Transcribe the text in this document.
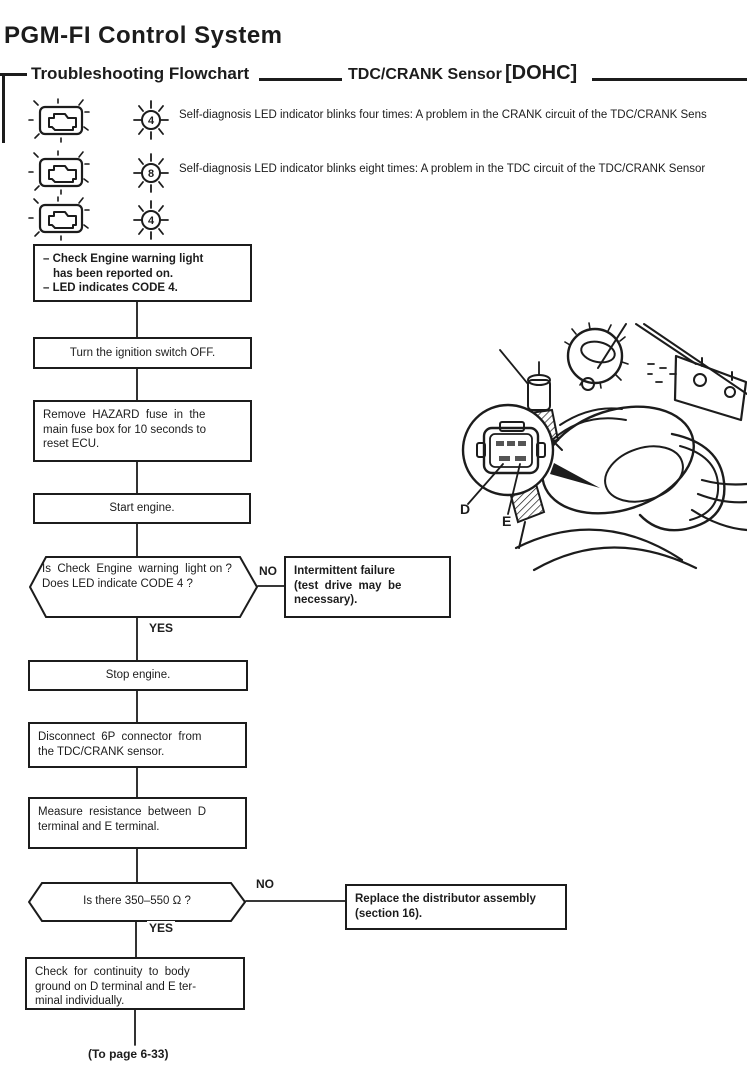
PGM-FI Control System
Troubleshooting Flowchart	TDC/CRANK Sensor [DOHC]
4 Self-diagnosis LED indicator blinks four times: A problem in the CRANK circuit of the TDC/CRANK Sens
8 Self-diagnosis LED indicator blinks eight times: A problem in the TDC circuit of the TDC/CRANK Sensor
4
– Check Engine warning light
has been reported on.
– LED indicates CODE 4.
Turn the ignition switch OFF.
Remove  HAZARD  fuse  in  the
main fuse box for 10 seconds to
reset ECU.
Start engine.
Is  Check  Engine  warning  light on ? Does LED indicate CODE 4 ?
NO Intermittent failure
(test  drive  may  be
necessary).
YES
Stop engine.
Disconnect  6P  connector  from
the TDC/CRANK sensor.
Measure  resistance  between  D
terminal and E terminal.
Is there 350–550 Ω ?
NO
Replace the distributor assembly
(section 16).
YES
Check  for  continuity  to  body
ground on D terminal and E ter-
minal individually.
(To page 6-33)
D
E
